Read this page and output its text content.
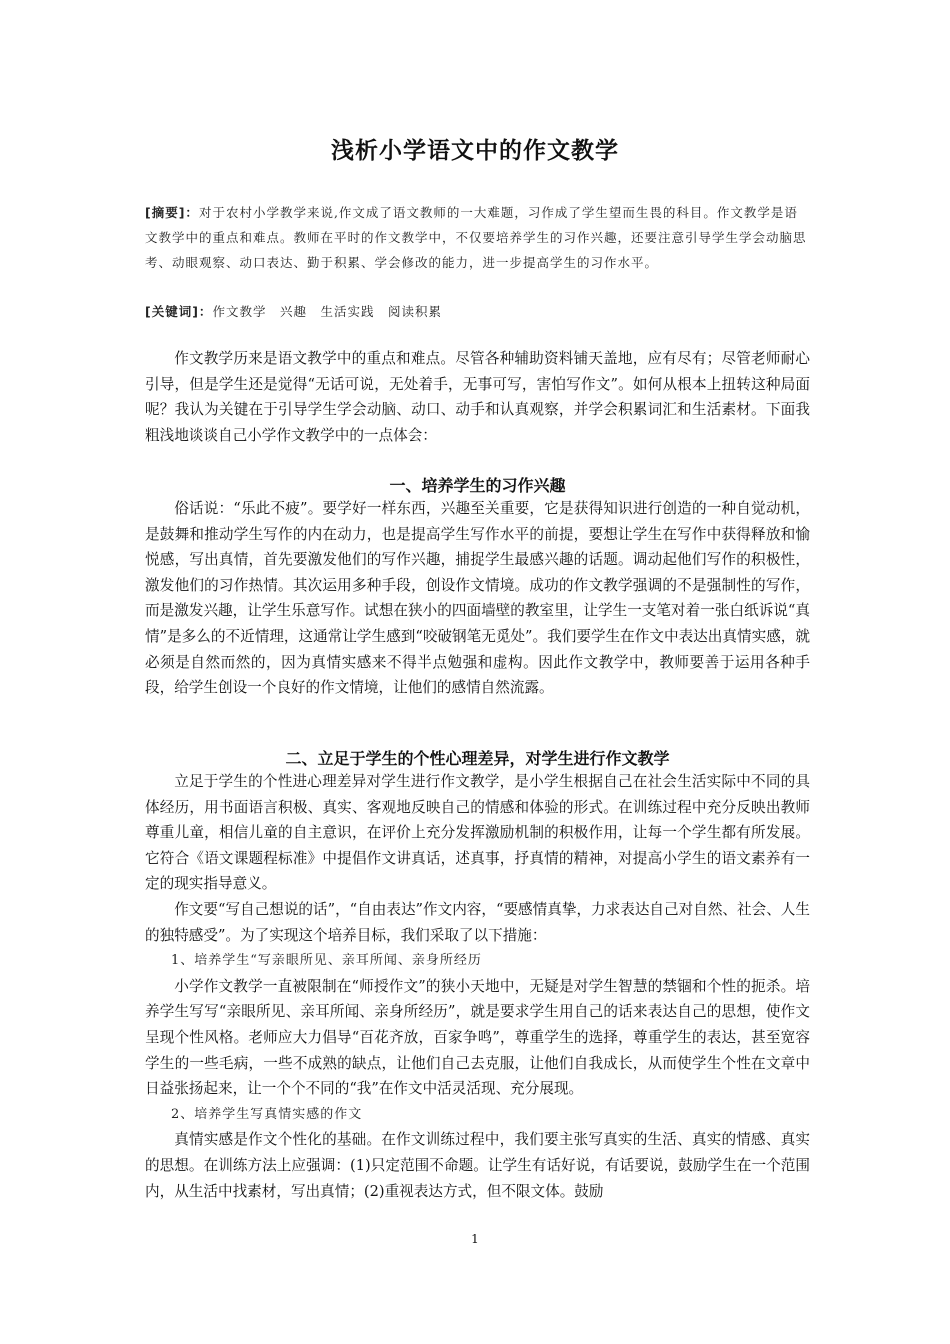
浅析小学语文中的作文教学
[摘要]：对于农村小学教学来说,作文成了语文教师的一大难题，习作成了学生望而生畏的科目。作文教学是语文教学中的重点和难点。教师在平时的作文教学中，不仅要培养学生的习作兴趣，还要注意引导学生学会动脑思考、动眼观察、动口表达、勤于积累、学会修改的能力，进一步提高学生的习作水平。
[关键词]：作文教学　兴趣　生活实践　阅读积累

作文教学历来是语文教学中的重点和难点。尽管各种辅助资料铺天盖地，应有尽有；尽管老师耐心引导，但是学生还是觉得“无话可说，无处着手，无事可写，害怕写作文”。如何从根本上扭转这种局面呢？我认为关键在于引导学生学会动脑、动口、动手和认真观察，并学会积累词汇和生活素材。下面我粗浅地谈谈自己小学作文教学中的一点体会：

一、培养学生的习作兴趣

俗话说：“乐此不疲”。要学好一样东西，兴趣至关重要，它是获得知识进行创造的一种自觉动机，是鼓舞和推动学生写作的内在动力，也是提高学生写作水平的前提，要想让学生在写作中获得释放和愉悦感，写出真情，首先要激发他们的写作兴趣，捕捉学生最感兴趣的话题。调动起他们写作的积极性，激发他们的习作热情。其次运用多种手段，创设作文情境。成功的作文教学强调的不是强制性的写作，而是激发兴趣，让学生乐意写作。试想在狭小的四面墙壁的教室里，让学生一支笔对着一张白纸诉说“真情”是多么的不近情理，这通常让学生感到“咬破钢笔无觅处”。我们要学生在作文中表达出真情实感，就必须是自然而然的，因为真情实感来不得半点勉强和虚构。因此作文教学中，教师要善于运用各种手段，给学生创设一个良好的作文情境，让他们的感情自然流露。

二、立足于学生的个性心理差异，对学生进行作文教学

立足于学生的个性进心理差异对学生进行作文教学，是小学生根据自己在社会生活实际中不同的具体经历，用书面语言积极、真实、客观地反映自己的情感和体验的形式。在训练过程中充分反映出教师尊重儿童，相信儿童的自主意识，在评价上充分发挥激励机制的积极作用，让每一个学生都有所发展。它符合《语文课题程标准》中提倡作文讲真话，述真事，抒真情的精神，对提高小学生的语文素养有一定的现实指导意义。

作文要“写自己想说的话”，“自由表达”作文内容，“要感情真挚，力求表达自己对自然、社会、人生的独特感受”。为了实现这个培养目标，我们采取了以下措施：

1、培养学生“写亲眼所见、亲耳所闻、亲身所经历

小学作文教学一直被限制在“师授作文”的狭小天地中，无疑是对学生智慧的禁锢和个性的扼杀。培养学生写写“亲眼所见、亲耳所闻、亲身所经历”，就是要求学生用自己的话来表达自己的思想，使作文呈现个性风格。老师应大力倡导“百花齐放，百家争鸣”，尊重学生的选择，尊重学生的表达，甚至宽容学生的一些毛病，一些不成熟的缺点，让他们自己去克服，让他们自我成长，从而使学生个性在文章中日益张扬起来，让一个个不同的“我”在作文中活灵活现、充分展现。

2、培养学生写真情实感的作文

真情实感是作文个性化的基础。在作文训练过程中，我们要主张写真实的生活、真实的情感、真实的思想。在训练方法上应强调：(1)只定范围不命题。让学生有话好说，有话要说，鼓励学生在一个范围内，从生活中找素材，写出真情；(2)重视表达方式，但不限文体。鼓励

1
